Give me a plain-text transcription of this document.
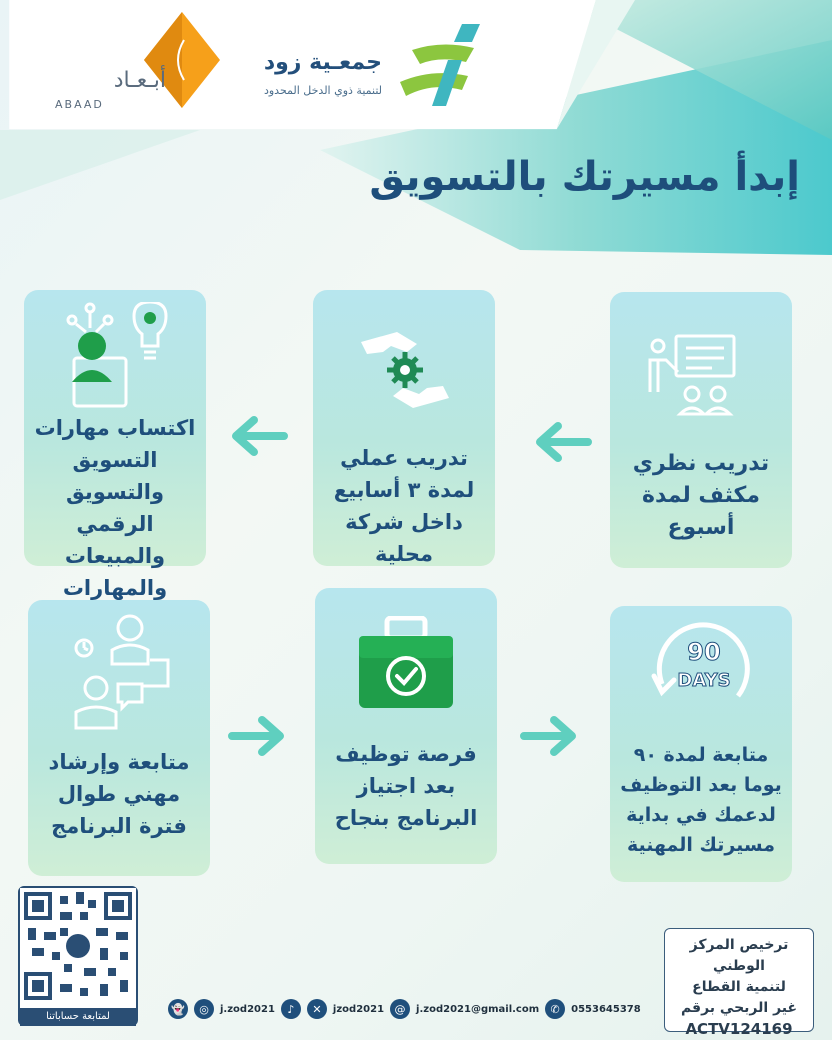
جمعـية زود
لتنمية ذوي الدخل المحدود
أبـعـاد
ABAAD
إبدأ مسيرتك بالتسويق
تدريب نظري مكثف لمدة أسبوع
تدريب عملي لمدة ٣ أسابيع داخل شركة محلية
اكتساب مهارات التسويق والتسويق الرقمي والمبيعات والمهارات
90
DAYS
متابعة لمدة ٩٠ يوما بعد التوظيف لدعمك في بداية مسيرتك المهنية
فرصة توظيف بعد اجتياز البرنامج بنجاح
متابعة وإرشاد مهني طوال فترة البرنامج
لمتابعة حساباتنا
👻	◎	j.zod2021	♪	✕	jzod2021 @	j.zod2021@gmail.com	✆	0553645378
ترخيص المركز الوطني
لتنمية القطاع
غير الربحي برقم
ACTV124169
